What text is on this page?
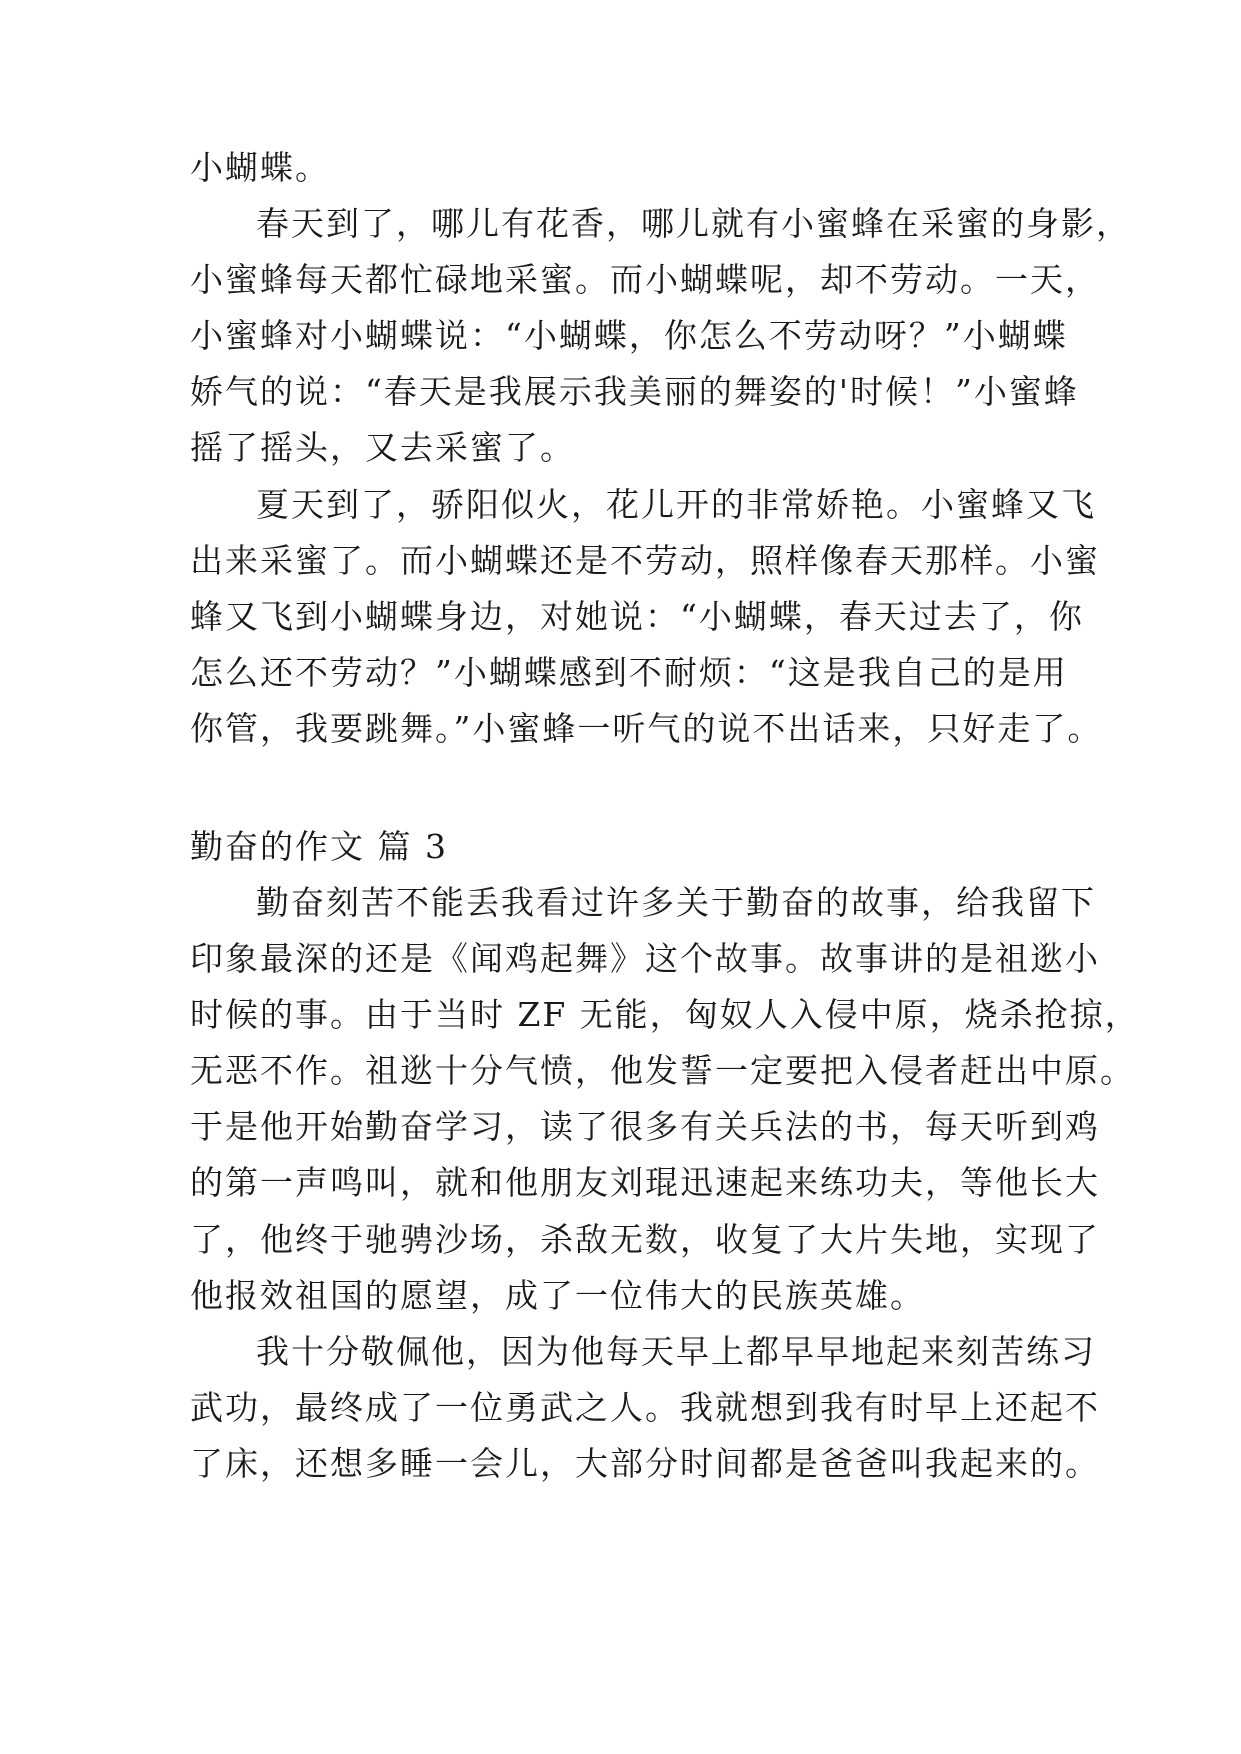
小蝴蝶。

春天到了，哪儿有花香，哪儿就有小蜜蜂在采蜜的身影，

小蜜蜂每天都忙碌地采蜜。而小蝴蝶呢，却不劳动。一天，

小蜜蜂对小蝴蝶说：“小蝴蝶，你怎么不劳动呀？”小蝴蝶

娇气的说：“春天是我展示我美丽的舞姿的'时候！”小蜜蜂

摇了摇头，又去采蜜了。

夏天到了，骄阳似火，花儿开的非常娇艳。小蜜蜂又飞

出来采蜜了。而小蝴蝶还是不劳动，照样像春天那样。小蜜

蜂又飞到小蝴蝶身边，对她说：“小蝴蝶，春天过去了，你

怎么还不劳动？”小蝴蝶感到不耐烦：“这是我自己的是用

你管，我要跳舞。”小蜜蜂一听气的说不出话来，只好走了。

勤奋的作文 篇 3

勤奋刻苦不能丢我看过许多关于勤奋的故事，给我留下

印象最深的还是《闻鸡起舞》这个故事。故事讲的是祖逖小

时候的事。由于当时 ZF 无能，匈奴人入侵中原，烧杀抢掠，

无恶不作。祖逖十分气愤，他发誓一定要把入侵者赶出中原。

于是他开始勤奋学习，读了很多有关兵法的书，每天听到鸡

的第一声鸣叫，就和他朋友刘琨迅速起来练功夫，等他长大

了，他终于驰骋沙场，杀敌无数，收复了大片失地，实现了

他报效祖国的愿望，成了一位伟大的民族英雄。

我十分敬佩他，因为他每天早上都早早地起来刻苦练习

武功，最终成了一位勇武之人。我就想到我有时早上还起不

了床，还想多睡一会儿，大部分时间都是爸爸叫我起来的。
